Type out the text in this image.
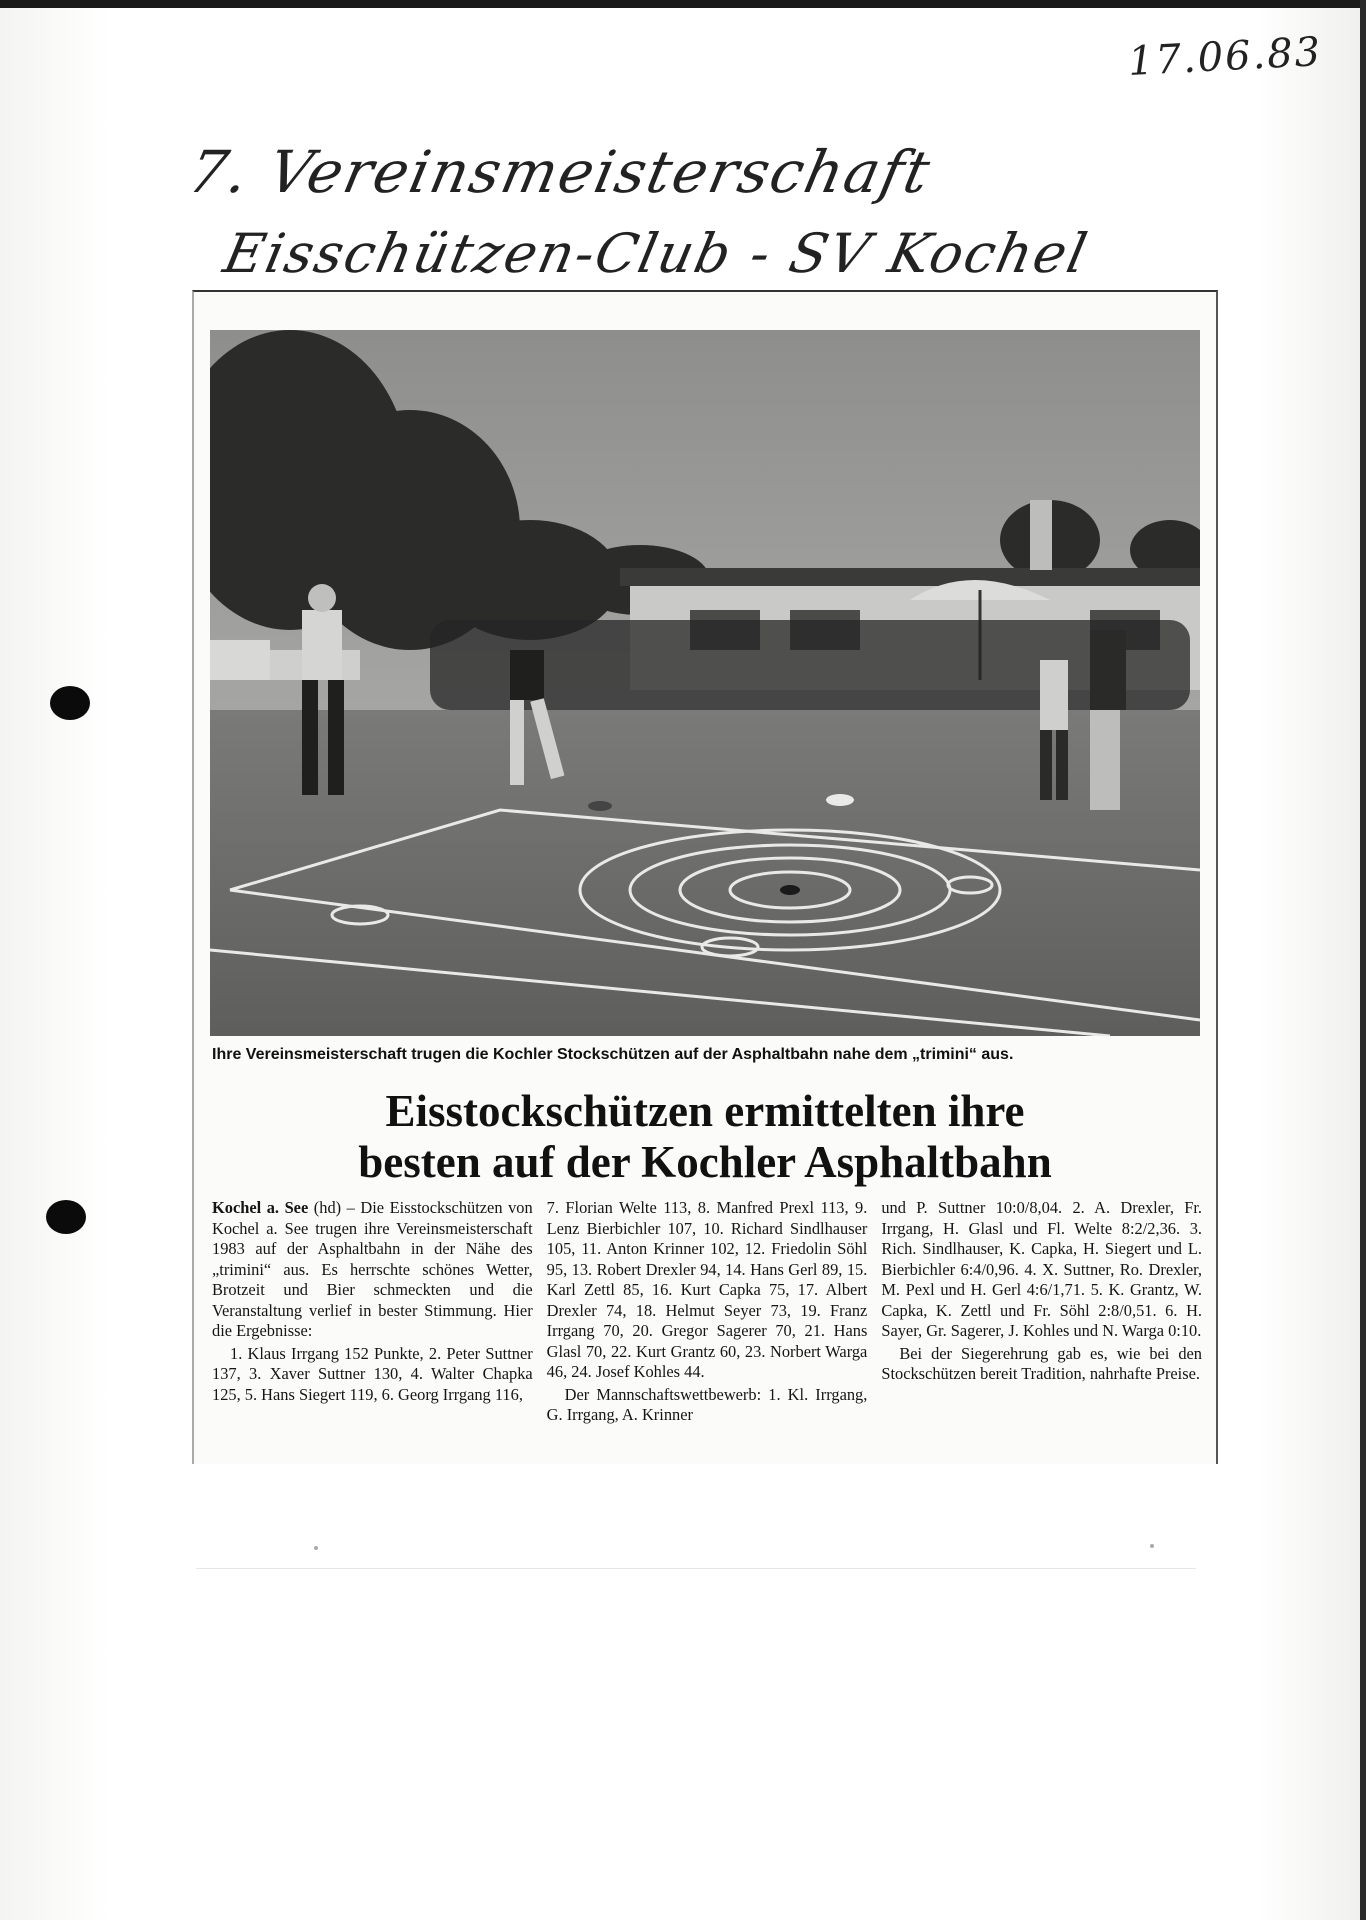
17.06.83
7. Vereinsmeisterschaft
Eisschützen-Club - SV Kochel
Ihre Vereinsmeisterschaft trugen die Kochler Stockschützen auf der Asphaltbahn nahe dem „trimini“ aus.
Eisstockschützen ermittelten ihre
besten auf der Kochler Asphaltbahn

Kochel a. See (hd) – Die Eisstockschützen von Kochel a. See trugen ihre Vereinsmeisterschaft 1983 auf der Asphaltbahn in der Nähe des „trimini“ aus. Es herrschte schönes Wetter, Brotzeit und Bier schmeckten und die Veranstaltung verlief in bester Stimmung. Hier die Ergebnisse:

1. Klaus Irrgang 152 Punkte, 2. Peter Suttner 137, 3. Xaver Suttner 130, 4. Walter Chapka 125, 5. Hans Siegert 119, 6. Georg Irrgang 116,

7. Florian Welte 113, 8. Manfred Prexl 113, 9. Lenz Bierbichler 107, 10. Richard Sindlhauser 105, 11. Anton Krinner 102, 12. Friedolin Söhl 95, 13. Robert Drexler 94, 14. Hans Gerl 89, 15. Karl Zettl 85, 16. Kurt Capka 75, 17. Albert Drexler 74, 18. Helmut Seyer 73, 19. Franz Irrgang 70, 20. Gregor Sagerer 70, 21. Hans Glasl 70, 22. Kurt Grantz 60, 23. Norbert Warga 46, 24. Josef Kohles 44.

Der Mannschaftswettbewerb: 1. Kl. Irrgang, G. Irrgang, A. Krinner

und P. Suttner 10:0/8,04. 2. A. Drexler, Fr. Irrgang, H. Glasl und Fl. Welte 8:2/2,36. 3. Rich. Sindlhauser, K. Capka, H. Siegert und L. Bierbichler 6:4/0,96. 4. X. Suttner, Ro. Drexler, M. Pexl und H. Gerl 4:6/1,71. 5. K. Grantz, W. Capka, K. Zettl und Fr. Söhl 2:8/0,51. 6. H. Sayer, Gr. Sagerer, J. Kohles und N. Warga 0:10.

Bei der Siegerehrung gab es, wie bei den Stockschützen bereit Tradition, nahrhafte Preise.
